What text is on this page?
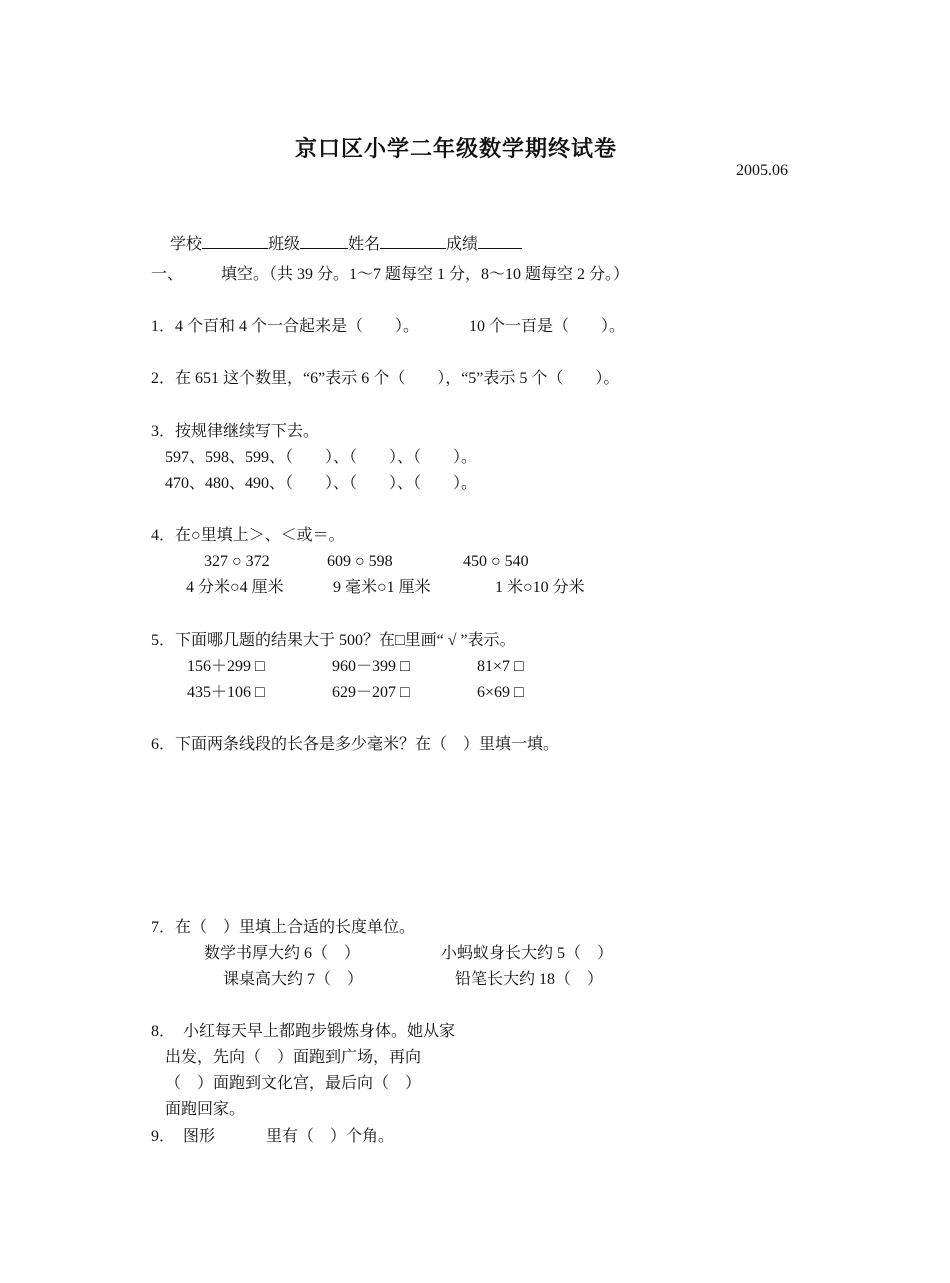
京口区小学二年级数学期终试卷
2005.06

学校	班级	姓名	成绩

一、 填空。（共 39 分。1～7 题每空 1 分，8～10 题每空 2 分。）
1．4 个百和 4 个一合起来是（　　）。	10 个一百是（　　）。
2．在 651 这个数里，“6”表示 6 个（　　），“5”表示 5 个（　　）。
3．按规律继续写下去。
597、598、599、（　　）、（　　）、（　　）。
470、480、490、（　　）、（　　）、（　　）。
4．在○里填上＞、＜或＝。
327 ○ 372	609 ○ 598	450 ○ 540
4 分米○4 厘米	9 毫米○1 厘米	1 米○10 分米
5．下面哪几题的结果大于 500？在□里画“ √ ”表示。
156＋299 □	960－399 □	81×7 □
435＋106 □	629－207 □	6×69 □
6．下面两条线段的长各是多少毫米？在（　）里填一填。
7．在（　）里填上合适的长度单位。
数学书厚大约 6（　）	小蚂蚁身长大约 5（　）
课桌高大约 7（　）	铅笔长大约 18（　）
8．  小红每天早上都跑步锻炼身体。她从家
出发，先向（　）面跑到广场，再向
（　）面跑到文化宫，最后向（　）
面跑回家。
9．  图形	里有（　）个角。
